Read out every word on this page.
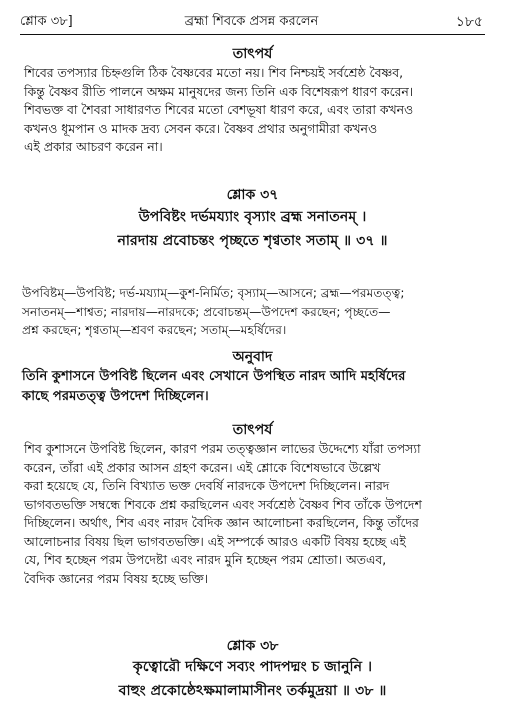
শ্লোক ৩৮]	ব্রহ্মা শিবকে প্রসন্ন করলেন	১৮৫
তাৎপর্য
শিবের তপস্যার চিহ্নগুলি ঠিক বৈষ্ণবের মতো নয়। শিব নিশ্চয়ই সর্বশ্রেষ্ঠ বৈষ্ণব,
কিন্তু বৈষ্ণব রীতি পালনে অক্ষম মানুষদের জন্য তিনি এক বিশেষরূপ ধারণ করেন।
শিবভক্ত বা শৈবরা সাধারণত শিবের মতো বেশভূষা ধারণ করে, এবং তারা কখনও
কখনও ধূমপান ও মাদক দ্রব্য সেবন করে। বৈষ্ণব প্রথার অনুগামীরা কখনও
এই প্রকার আচরণ করেন না।
শ্লোক ৩৭
উপবিষ্টং দর্ভময্যাং বৃস্যাং ব্রহ্ম সনাতনম্ ।
নারদায় প্রবোচন্তং পৃচ্ছতে শৃণ্বতাং সতাম্ ॥ ৩৭ ॥
উপবিষ্টম্—উপবিষ্ট; দর্ভ-ময্যাম্—কুশ-নির্মিত; বৃস্যাম্—আসনে; ব্রহ্ম—পরমতত্ত্ব;
সনাতনম্—শাশ্বত; নারদায়—নারদকে; প্রবোচন্তম্—উপদেশ করছেন; পৃচ্ছতে—
প্রশ্ন করছেন; শৃণ্বতাম্—শ্রবণ করছেন; সতাম্—মহর্ষিদের।
অনুবাদ
তিনি কুশাসনে উপবিষ্ট ছিলেন এবং সেখানে উপস্থিত নারদ আদি মহর্ষিদের
কাছে পরমতত্ত্ব উপদেশ দিচ্ছিলেন।
তাৎপর্য
শিব কুশাসনে উপবিষ্ট ছিলেন, কারণ পরম তত্ত্বজ্ঞান লাভের উদ্দেশ্যে যাঁরা তপস্যা
করেন, তাঁরা এই প্রকার আসন গ্রহণ করেন। এই শ্লোকে বিশেষভাবে উল্লেখ
করা হয়েছে যে, তিনি বিখ্যাত ভক্ত দেবর্ষি নারদকে উপদেশ দিচ্ছিলেন। নারদ
ভাগবতভক্তি সম্বন্ধে শিবকে প্রশ্ন করছিলেন এবং সর্বশ্রেষ্ঠ বৈষ্ণব শিব তাঁকে উপদেশ
দিচ্ছিলেন। অর্থাৎ, শিব এবং নারদ বৈদিক জ্ঞান আলোচনা করছিলেন, কিন্তু তাঁদের
আলোচনার বিষয় ছিল ভাগবতভক্তি। এই সম্পর্কে আরও একটি বিষয় হচ্ছে এই
যে, শিব হচ্ছেন পরম উপদেষ্টা এবং নারদ মুনি হচ্ছেন পরম শ্রোতা। অতএব,
বৈদিক জ্ঞানের পরম বিষয় হচ্ছে ভক্তি।
শ্লোক ৩৮
কৃত্বোরৌ দক্ষিণে সব্যং পাদপদ্মং চ জানুনি ।
বাহুং প্রকোষ্ঠেঽক্ষমালামাসীনং তর্কমুদ্রয়া ॥ ৩৮ ॥
